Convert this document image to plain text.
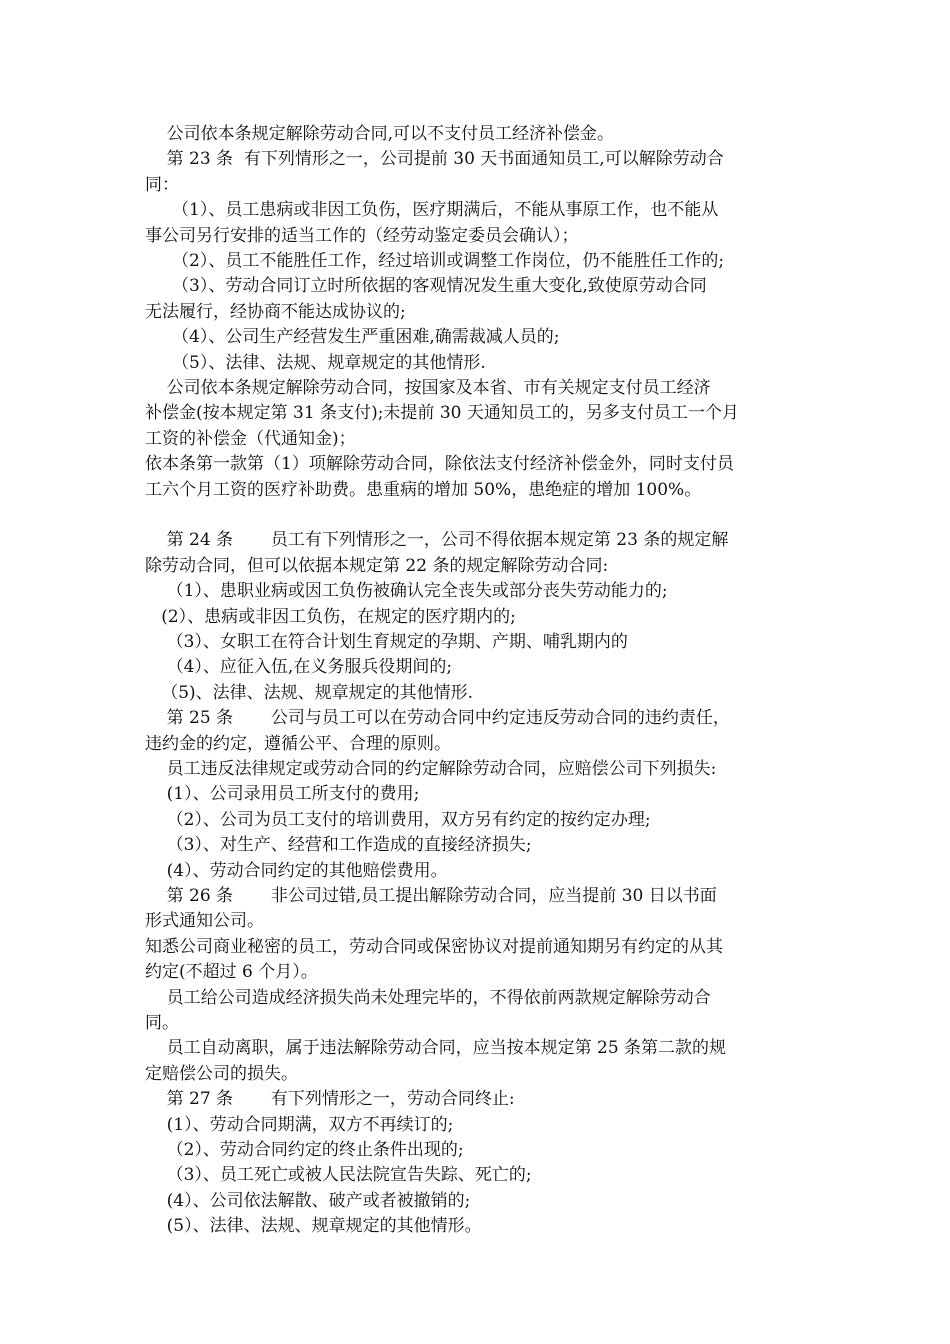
公司依本条规定解除劳动合同,可以不支付员工经济补偿金。
第 23 条  有下列情形之一，公司提前 30 天书面通知员工,可以解除劳动合
同：
（1）、员工患病或非因工负伤，医疗期满后，不能从事原工作，也不能从
事公司另行安排的适当工作的（经劳动鉴定委员会确认）；
（2）、员工不能胜任工作，经过培训或调整工作岗位，仍不能胜任工作的;
（3）、劳动合同订立时所依据的客观情况发生重大变化,致使原劳动合同
无法履行，经协商不能达成协议的;
（4）、公司生产经营发生严重困难,确需裁减人员的;
（5）、法律、法规、规章规定的其他情形.
公司依本条规定解除劳动合同，按国家及本省、市有关规定支付员工经济
补偿金(按本规定第 31 条支付);未提前 30 天通知员工的，另多支付员工一个月
工资的补偿金（代通知金)；
依本条第一款第（1）项解除劳动合同，除依法支付经济补偿金外，同时支付员
工六个月工资的医疗补助费。患重病的增加 50%，患绝症的增加 100%。
第 24 条       员工有下列情形之一，公司不得依据本规定第 23 条的规定解
除劳动合同，但可以依据本规定第 22 条的规定解除劳动合同:
（1）、患职业病或因工负伤被确认完全丧失或部分丧失劳动能力的;
(2）、患病或非因工负伤，在规定的医疗期内的;
（3）、女职工在符合计划生育规定的孕期、产期、哺乳期内的
（4）、应征入伍,在义务服兵役期间的;
（5)、法律、法规、规章规定的其他情形.
第 25 条       公司与员工可以在劳动合同中约定违反劳动合同的违约责任，
违约金的约定，遵循公平、合理的原则。
员工违反法律规定或劳动合同的约定解除劳动合同，应赔偿公司下列损失:
(1）、公司录用员工所支付的费用;
（2）、公司为员工支付的培训费用，双方另有约定的按约定办理;
（3）、对生产、经营和工作造成的直接经济损失;
(4）、劳动合同约定的其他赔偿费用。
第 26 条       非公司过错,员工提出解除劳动合同，应当提前 30 日以书面
形式通知公司。
知悉公司商业秘密的员工，劳动合同或保密协议对提前通知期另有约定的从其
约定(不超过 6 个月）。
员工给公司造成经济损失尚未处理完毕的，不得依前两款规定解除劳动合
同。
员工自动离职，属于违法解除劳动合同，应当按本规定第 25 条第二款的规
定赔偿公司的损失。
第 27 条       有下列情形之一，劳动合同终止:
(1）、劳动合同期满，双方不再续订的;
（2）、劳动合同约定的终止条件出现的;
（3）、员工死亡或被人民法院宣告失踪、死亡的;
(4）、公司依法解散、破产或者被撤销的;
(5）、法律、法规、规章规定的其他情形。
